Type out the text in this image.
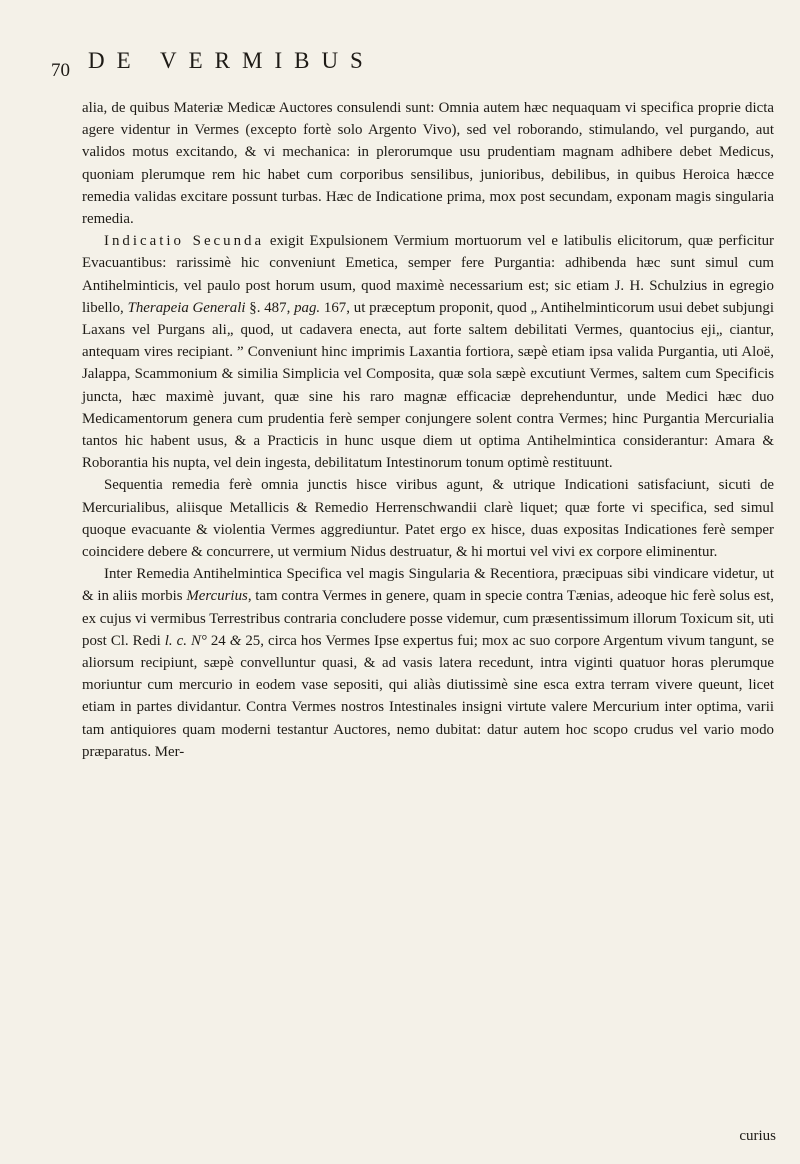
70 DE VERMIBUS

alia, de quibus Materiæ Medicæ Auctores consulendi sunt: Omnia autem hæc nequaquam vi specifica proprie dicta agere videntur in Vermes (excepto fortè solo Argento Vivo), sed vel roborando, stimulando, vel purgando, aut validos motus excitando, & vi mechanica: in plerorumque usu prudentiam magnam adhibere debet Medicus, quoniam plerumque rem hic habet cum corporibus sensilibus, junioribus, debilibus, in quibus Heroica hæcce remedia validas excitare possunt turbas. Hæc de Indicatione prima, mox post secundam, exponam magis singularia remedia.

Indicatio Secunda exigit Expulsionem Vermium mortuorum vel e latibulis elicitorum, quæ perficitur Evacuantibus: rarissimè hic conveniunt Emetica, semper fere Purgantia: adhibenda hæc sunt simul cum Antihelminticis, vel paulo post horum usum, quod maximè necessarium est; sic etiam J. H. Schulzius in egregio libello, Therapeia Generali §. 487, pag. 167, ut præceptum proponit, quod „ Antihelminticorum usui debet subjungi Laxans vel Purgans ali„ quod, ut cadavera enecta, aut forte saltem debilitati Vermes, quantocius eji„ ciantur, antequam vires recipiant. ” Conveniunt hinc imprimis Laxantia fortiora, sæpè etiam ipsa valida Purgantia, uti Aloë, Jalappa, Scammonium & similia Simplicia vel Composita, quæ sola sæpè excutiunt Vermes, saltem cum Specificis juncta, hæc maximè juvant, quæ sine his raro magnæ efficaciæ deprehenduntur, unde Medici hæc duo Medicamentorum genera cum prudentia ferè semper conjungere solent contra Vermes; hinc Purgantia Mercurialia tantos hic habent usus, & a Practicis in hunc usque diem ut optima Antihelmintica considerantur: Amara & Roborantia his nupta, vel dein ingesta, debilitatum Intestinorum tonum optimè restituunt.

Sequentia remedia ferè omnia junctis hisce viribus agunt, & utrique Indicationi satisfaciunt, sicuti de Mercurialibus, aliisque Metallicis & Remedio Herrenschwandii clarè liquet; quæ forte vi specifica, sed simul quoque evacuante & violentia Vermes aggrediuntur. Patet ergo ex hisce, duas expositas Indicationes ferè semper coincidere debere & concurrere, ut vermium Nidus destruatur, & hi mortui vel vivi ex corpore eliminentur.

Inter Remedia Antihelmintica Specifica vel magis Singularia & Recentiora, præcipuas sibi vindicare videtur, ut & in aliis morbis Mercurius, tam contra Vermes in genere, quam in specie contra Tænias, adeoque hic ferè solus est, ex cujus vi vermibus Terrestribus contraria concludere posse videmur, cum præsentissimum illorum Toxicum sit, uti post Cl. Redi l. c. N° 24 & 25, circa hos Vermes Ipse expertus fui; mox ac suo corpore Argentum vivum tangunt, se aliorsum recipiunt, sæpè convelluntur quasi, & ad vasis latera recedunt, intra viginti quatuor horas plerumque moriuntur cum mercurio in eodem vase sepositi, qui aliàs diutissimè sine esca extra terram vivere queunt, licet etiam in partes dividantur. Contra Vermes nostros Intestinales insigni virtute valere Mercurium inter optima, varii tam antiquiores quam moderni testantur Auctores, nemo dubitat: datur autem hoc scopo crudus vel vario modo præparatus. Mer-

curius
